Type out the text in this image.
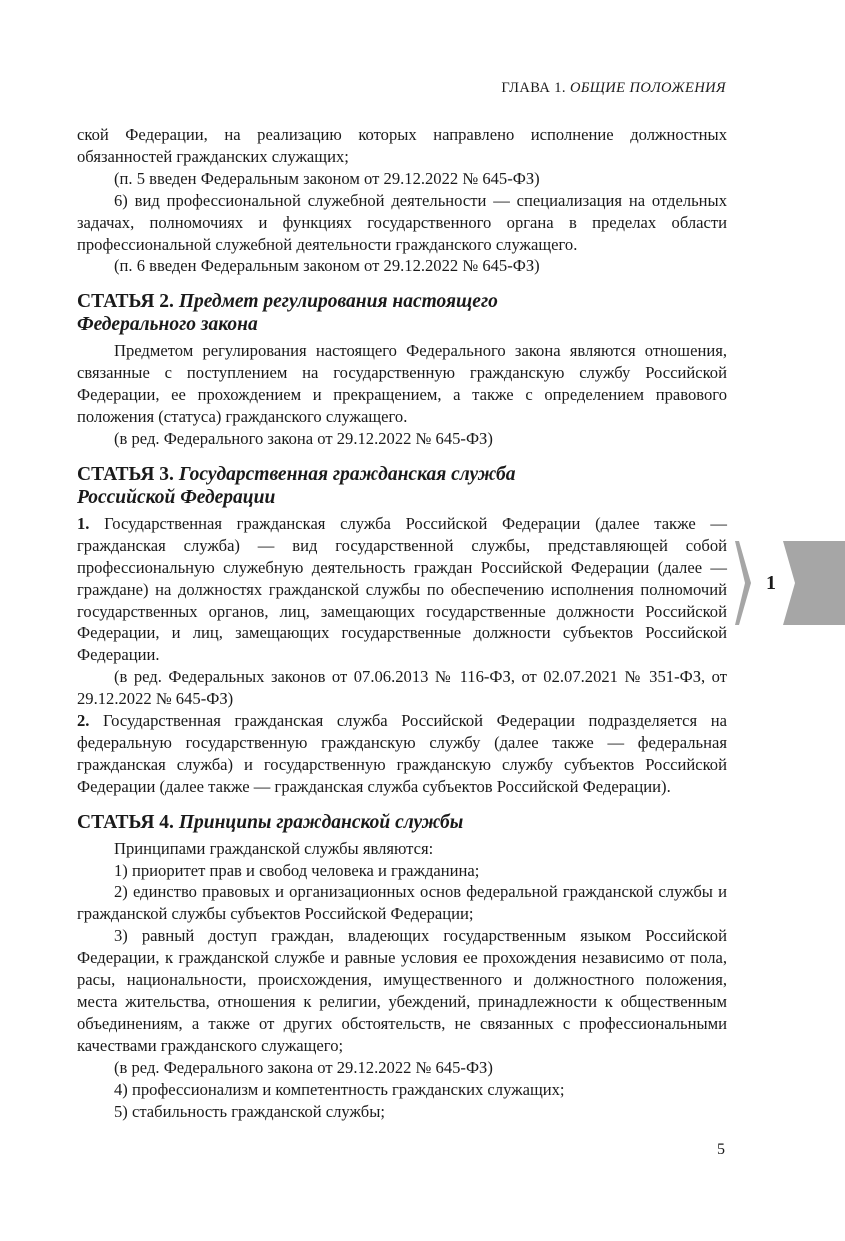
ГЛАВА 1. ОБЩИЕ ПОЛОЖЕНИЯ

ской Федерации, на реализацию которых направлено исполнение должностных обязанностей гражданских служащих;

(п. 5 введен Федеральным законом от 29.12.2022 № 645-ФЗ)

6) вид профессиональной служебной деятельности — специализация на отдельных задачах, полномочиях и функциях государственного органа в пределах области профессиональной служебной деятельности гражданского служащего.

(п. 6 введен Федеральным законом от 29.12.2022 № 645-ФЗ)

СТАТЬЯ 2. Предмет регулирования настоящего
Федерального закона

Предметом регулирования настоящего Федерального закона являются отношения, связанные с поступлением на государственную гражданскую службу Российской Федерации, ее прохождением и прекращением, а также с определением правового положения (статуса) гражданского служащего.

(в ред. Федерального закона от 29.12.2022 № 645-ФЗ)

СТАТЬЯ 3. Государственная гражданская служба
Российской Федерации

1. Государственная гражданская служба Российской Федерации (далее также — гражданская служба) — вид государственной службы, представляющей собой профессиональную служебную деятельность граждан Российской Федерации (далее — граждане) на должностях гражданской службы по обеспечению исполнения полномочий государственных органов, лиц, замещающих государственные должности Российской Федерации, и лиц, замещающих государственные должности субъектов Российской Федерации.

(в ред. Федеральных законов от 07.06.2013 № 116-ФЗ, от 02.07.2021 № 351-ФЗ, от 29.12.2022 № 645-ФЗ)

2. Государственная гражданская служба Российской Федерации подразделяется на федеральную государственную гражданскую службу (далее также — федеральная гражданская служба) и государственную гражданскую службу субъектов Российской Федерации (далее также — гражданская служба субъектов Российской Федерации).

СТАТЬЯ 4. Принципы гражданской службы

Принципами гражданской службы являются:

1) приоритет прав и свобод человека и гражданина;

2) единство правовых и организационных основ федеральной гражданской службы и гражданской службы субъектов Российской Федерации;

3) равный доступ граждан, владеющих государственным языком Российской Федерации, к гражданской службе и равные условия ее прохождения независимо от пола, расы, национальности, происхождения, имущественного и должностного положения, места жительства, отношения к религии, убеждений, принадлежности к общественным объединениям, а также от других обстоятельств, не связанных с профессиональными качествами гражданского служащего;

(в ред. Федерального закона от 29.12.2022 № 645-ФЗ)

4) профессионализм и компетентность гражданских служащих;

5) стабильность гражданской службы;

1
5
